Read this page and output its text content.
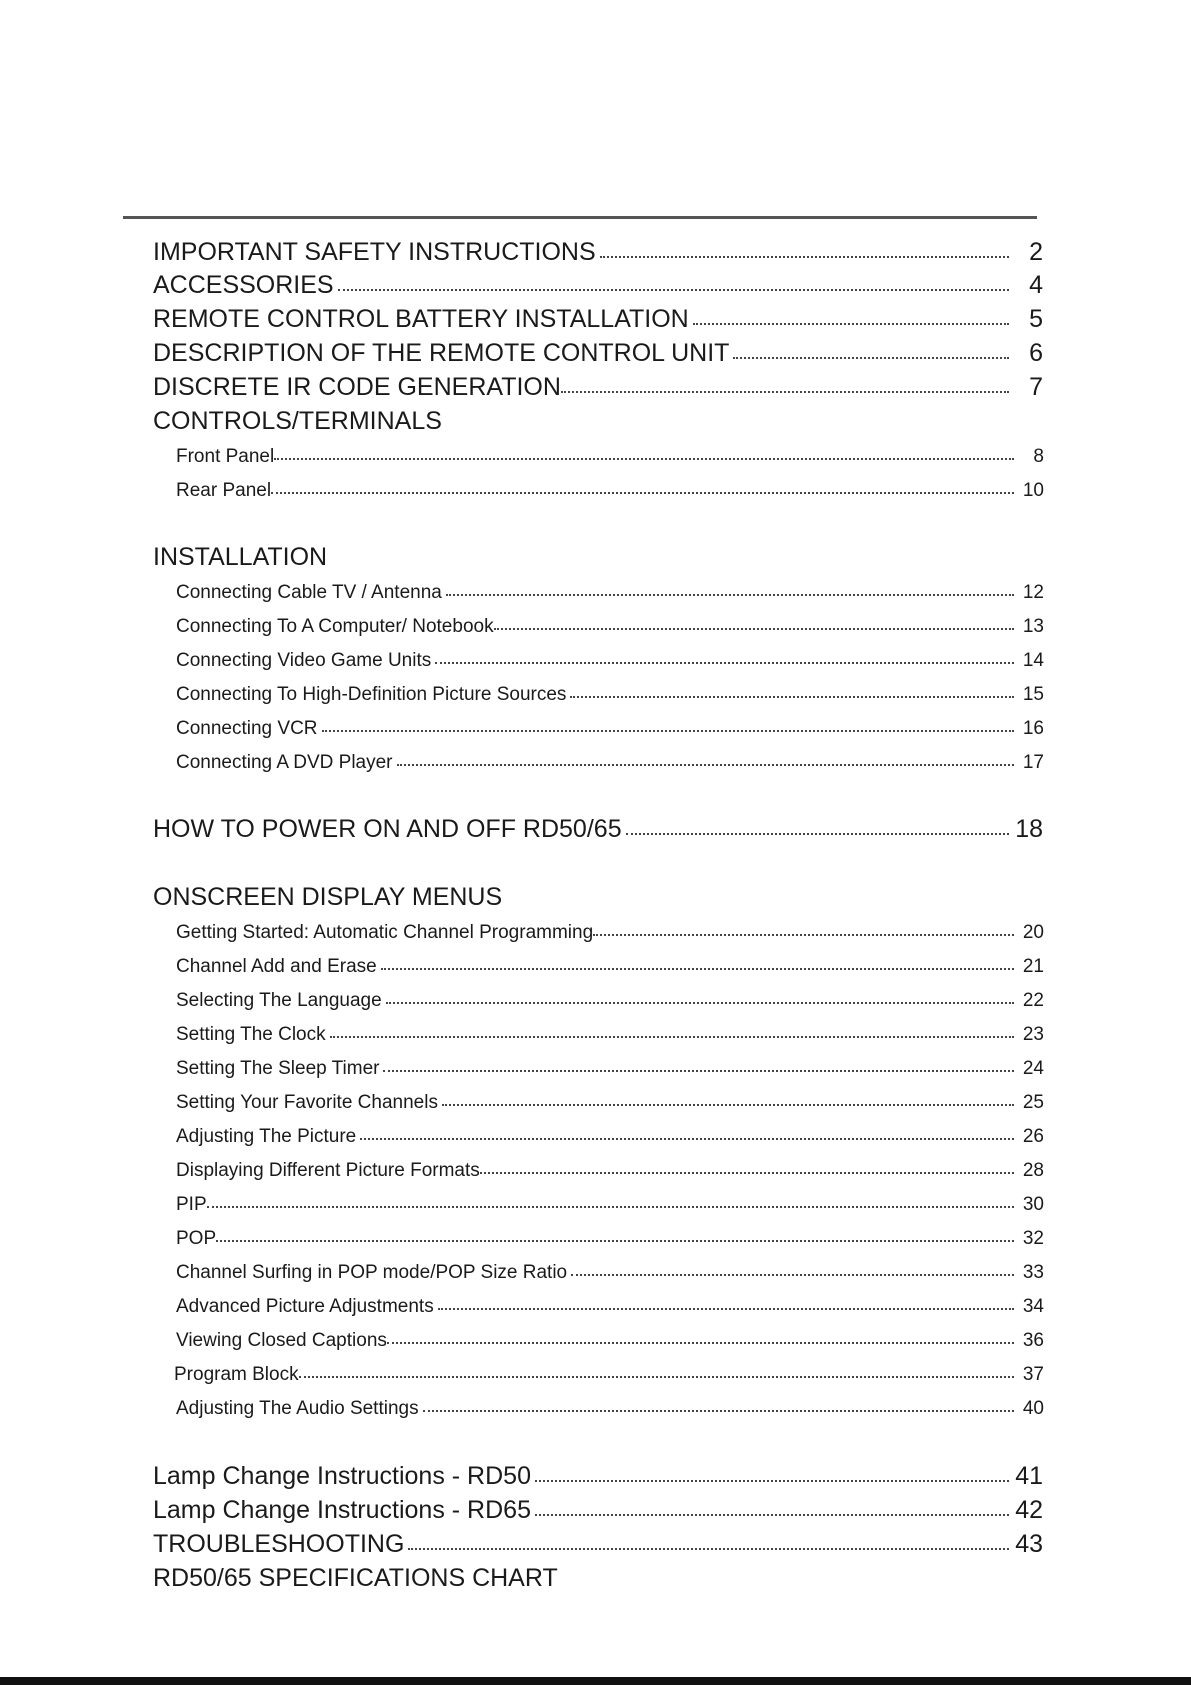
IMPORTANT SAFETY INSTRUCTIONS	2
ACCESSORIES	4
REMOTE CONTROL BATTERY INSTALLATION	5
DESCRIPTION OF THE REMOTE CONTROL UNIT	6
DISCRETE IR CODE GENERATION	7
CONTROLS/TERMINALS
Front Panel	8
Rear Panel	10
INSTALLATION
Connecting Cable TV / Antenna	12
Connecting To A Computer/ Notebook	13
Connecting Video Game Units	14
Connecting To High-Definition Picture Sources	15
Connecting VCR	16
Connecting A DVD Player	17
HOW TO POWER ON AND OFF RD50/65	18
ONSCREEN DISPLAY MENUS
Getting Started: Automatic Channel Programming	20
Channel Add and Erase	21
Selecting The Language	22
Setting The Clock	23
Setting The Sleep Timer	24
Setting Your Favorite Channels	25
Adjusting The Picture	26
Displaying Different Picture Formats	28
PIP	30
POP	32
Channel Surfing in POP mode/POP Size Ratio	33
Advanced Picture Adjustments	34
Viewing Closed Captions	36
Program Block	37
Adjusting The Audio Settings	40
Lamp Change Instructions - RD50	41
Lamp Change Instructions - RD65	42
TROUBLESHOOTING	43
RD50/65 SPECIFICATIONS CHART
